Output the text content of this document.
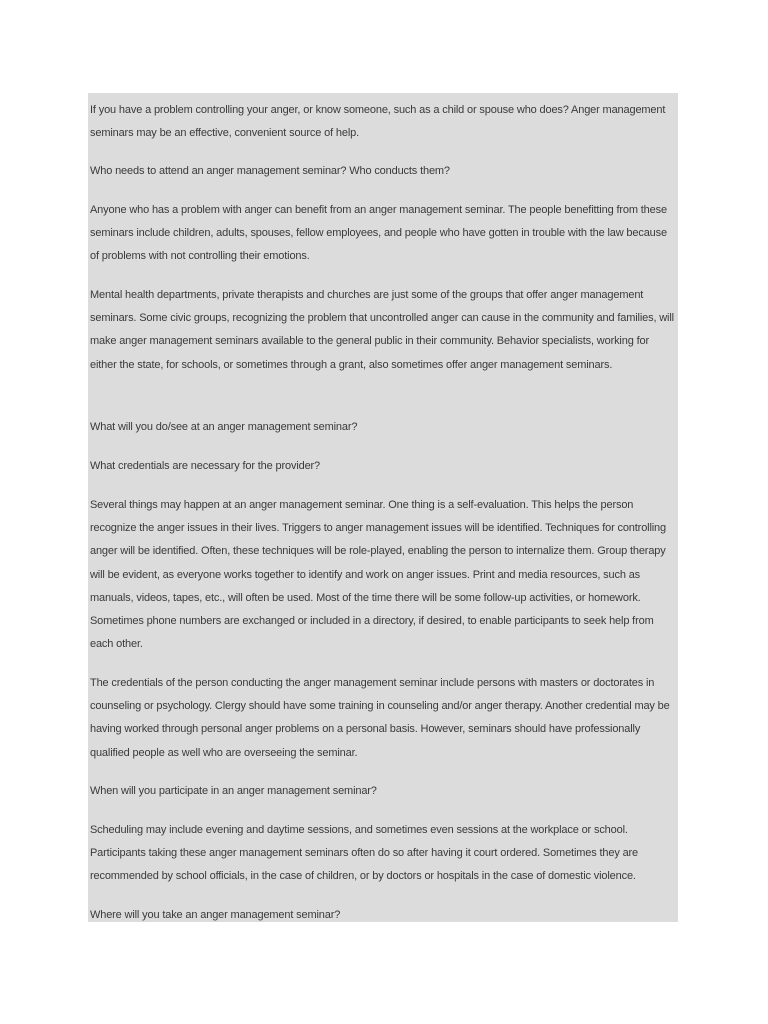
If you have a problem controlling your anger, or know someone, such as a child or spouse who does? Anger management seminars may be an effective, convenient source of help.

Who needs to attend an anger management seminar? Who conducts them?

Anyone who has a problem with anger can benefit from an anger management seminar. The people benefitting from these seminars include children, adults, spouses, fellow employees, and people who have gotten in trouble with the law because of problems with not controlling their emotions.

Mental health departments, private therapists and churches are just some of the groups that offer anger management seminars. Some civic groups, recognizing the problem that uncontrolled anger can cause in the community and families, will make anger management seminars available to the general public in their community. Behavior specialists, working for either the state, for schools, or sometimes through a grant, also sometimes offer anger management seminars.

What will you do/see at an anger management seminar?

What credentials are necessary for the provider?

Several things may happen at an anger management seminar. One thing is a self-evaluation. This helps the person recognize the anger issues in their lives. Triggers to anger management issues will be identified. Techniques for controlling anger will be identified. Often, these techniques will be role-played, enabling the person to internalize them. Group therapy will be evident, as everyone works together to identify and work on anger issues. Print and media resources, such as manuals, videos, tapes, etc., will often be used. Most of the time there will be some follow-up activities, or homework. Sometimes phone numbers are exchanged or included in a directory, if desired, to enable participants to seek help from each other.

The credentials of the person conducting the anger management seminar include persons with masters or doctorates in counseling or psychology. Clergy should have some training in counseling and/or anger therapy. Another credential may be having worked through personal anger problems on a personal basis. However, seminars should have professionally qualified people as well who are overseeing the seminar.

When will you participate in an anger management seminar?

Scheduling may include evening and daytime sessions, and sometimes even sessions at the workplace or school. Participants taking these anger management seminars often do so after having it court ordered. Sometimes they are recommended by school officials, in the case of children, or by doctors or hospitals in the case of domestic violence.

Where will you take an anger management seminar?
